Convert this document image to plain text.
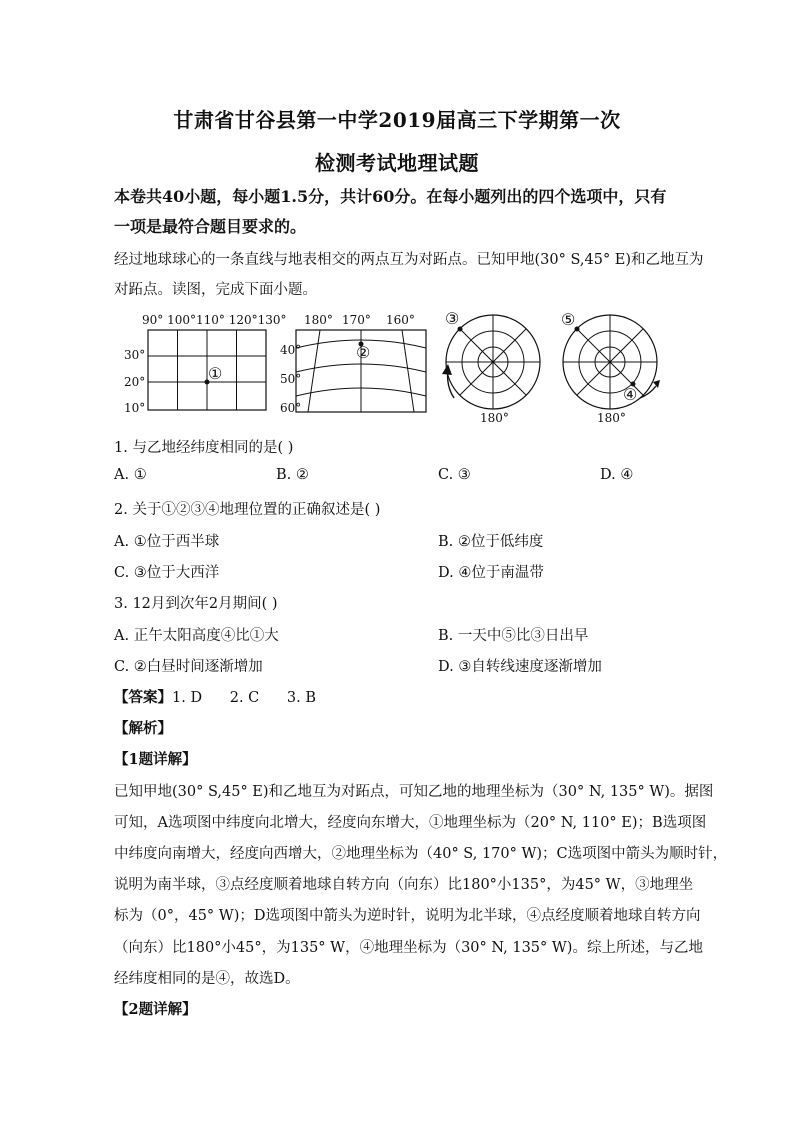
甘肃省甘谷县第一中学2019届高三下学期第一次
检测考试地理试题
本卷共40小题，每小题1.5分，共计60分。在每小题列出的四个选项中，只有
一项是最符合题目要求的。
经过地球球心的一条直线与地表相交的两点互为对跖点。已知甲地(30° S,45° E)和乙地互为
对跖点。读图，完成下面小题。
90° 100°110° 120°130°
30°
20°
10°
①
180° 170° 160°
40°
50°
60°
②
③
180°
⑤
④
180°
1. 与乙地经纬度相同的是( )
A. ①	B. ②	C. ③	D. ④
2. 关于①②③④地理位置的正确叙述是( )
A. ①位于西半球	B. ②位于低纬度
C. ③位于大西洋	D. ④位于南温带
3. 12月到次年2月期间( )
A. 正午太阳高度④比①大	B. 一天中⑤比③日出早
C. ②白昼时间逐渐增加	D. ③自转线速度逐渐增加
【答案】1. D      2. C      3. B
【解析】
【1题详解】
已知甲地(30° S,45° E)和乙地互为对跖点，可知乙地的地理坐标为（30° N, 135° W)。据图
可知，A选项图中纬度向北增大，经度向东增大，①地理坐标为（20° N, 110° E)；B选项图
中纬度向南增大，经度向西增大，②地理坐标为（40° S, 170° W)；C选项图中箭头为顺时针，
说明为南半球，③点经度顺着地球自转方向（向东）比180°小135°，为45° W，③地理坐
标为（0°，45° W)；D选项图中箭头为逆时针，说明为北半球，④点经度顺着地球自转方向
（向东）比180°小45°，为135° W，④地理坐标为（30° N, 135° W)。综上所述，与乙地
经纬度相同的是④，故选D。
【2题详解】
